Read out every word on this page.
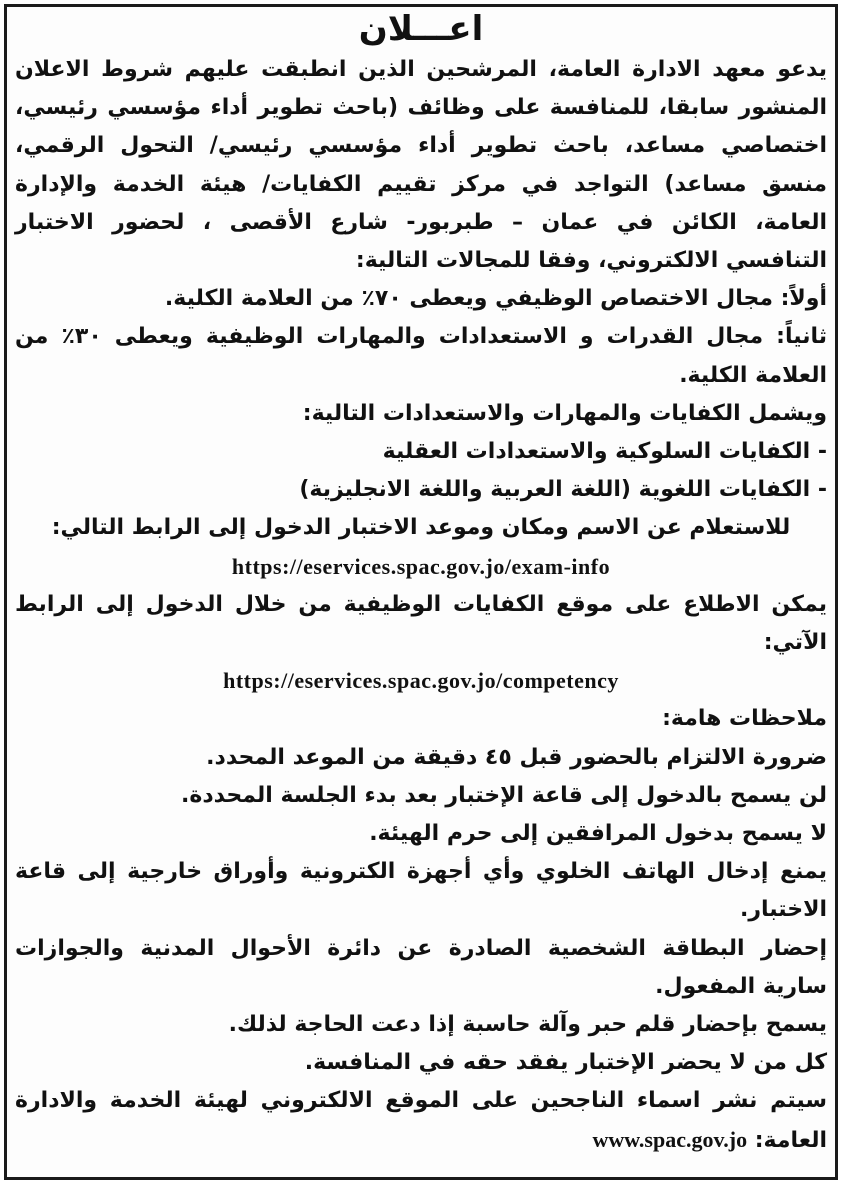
اعـــلان

يدعو معهد الادارة العامة، المرشحين الذين انطبقت عليهم شروط الاعلان المنشور سابقا، للمنافسة على وظائف (باحث تطوير أداء مؤسسي رئيسي، اختصاصي مساعد، باحث تطوير أداء مؤسسي رئيسي/ التحول الرقمي، منسق مساعد) التواجد في مركز تقييم الكفايات/ هيئة الخدمة والإدارة العامة، الكائن في عمان – طبربور- شارع الأقصى ، لحضور الاختبار التنافسي الالكتروني، وفقا للمجالات التالية:

أولاً: مجال الاختصاص الوظيفي ويعطى ٧٠٪ من العلامة الكلية.

ثانياً: مجال القدرات و الاستعدادات والمهارات الوظيفية ويعطى ٣٠٪ من العلامة الكلية.

ويشمل الكفايات والمهارات والاستعدادات التالية:

- الكفايات السلوكية والاستعدادات العقلية

- الكفايات اللغوية (اللغة العربية واللغة الانجليزية)

للاستعلام عن الاسم ومكان وموعد الاختبار الدخول إلى الرابط التالي:

https://eservices.spac.gov.jo/exam-info

يمكن الاطلاع على موقع الكفايات الوظيفية من خلال الدخول إلى الرابط الآتي:

https://eservices.spac.gov.jo/competency

ملاحظات هامة:

ضرورة الالتزام بالحضور قبل ٤٥ دقيقة من الموعد المحدد.

لن يسمح بالدخول إلى قاعة الإختبار بعد بدء الجلسة المحددة.

لا يسمح بدخول المرافقين إلى حرم الهيئة.

يمنع إدخال الهاتف الخلوي وأي أجهزة الكترونية وأوراق خارجية إلى قاعة الاختبار.

إحضار البطاقة الشخصية الصادرة عن دائرة الأحوال المدنية والجوازات سارية المفعول.

يسمح بإحضار قلم حبر وآلة حاسبة إذا دعت الحاجة لذلك.

كل من لا يحضر الإختبار يفقد حقه في المنافسة.

سيتم نشر اسماء الناجحين على الموقع الالكتروني لهيئة الخدمة والادارة العامة: www.spac.gov.jo
